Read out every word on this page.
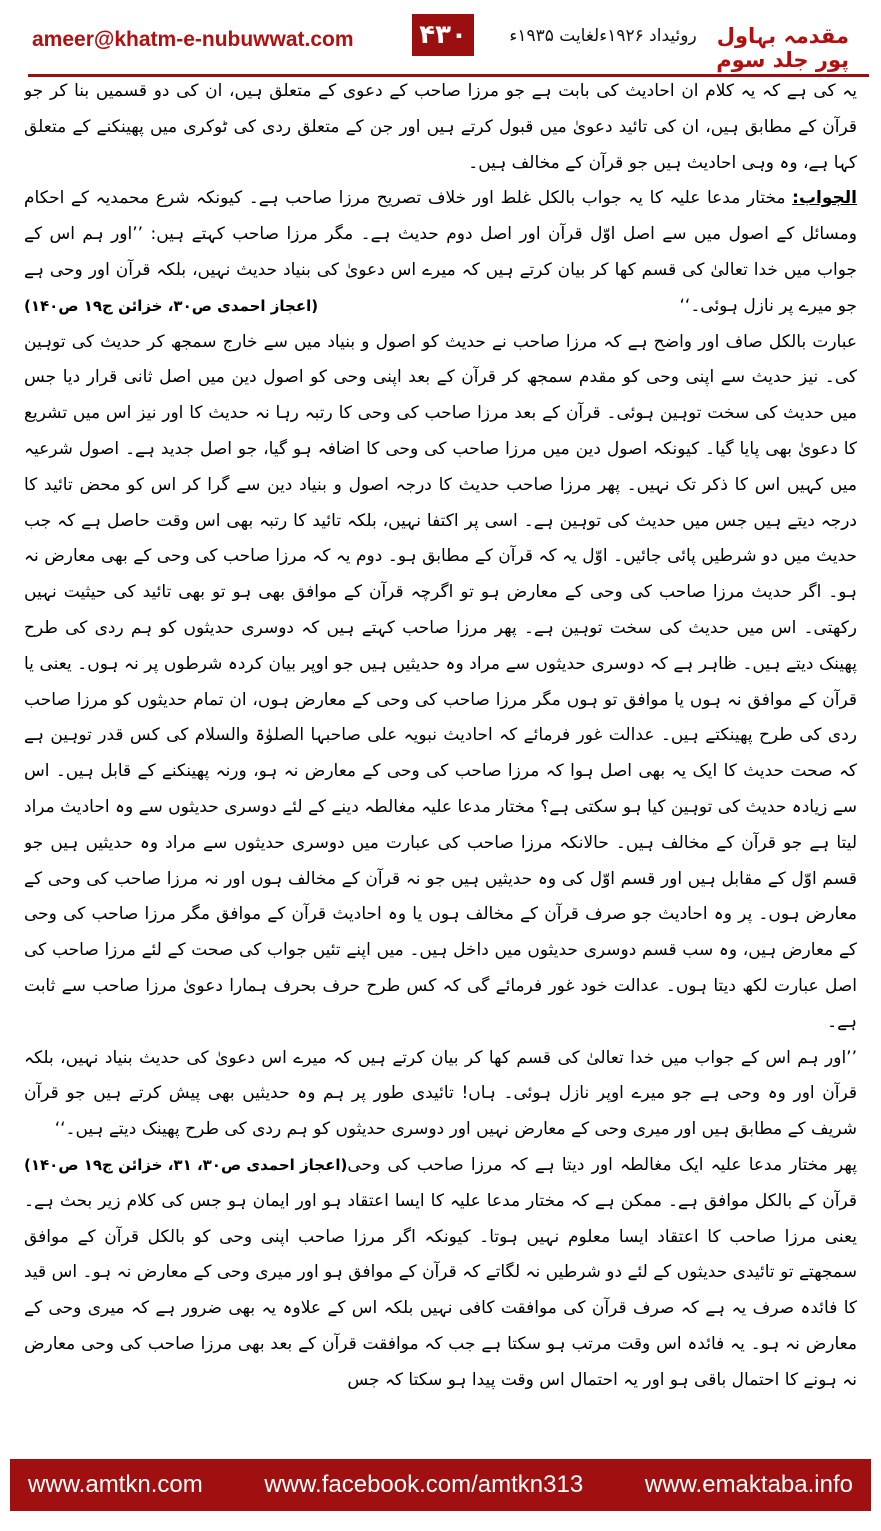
ameer@khatm-e-nubuwwat.com	۴۳۰	روئیداد ۱۹۲۶ءلغایت ۱۹۳۵ء مقدمہ بہاول پور جلد سوم

یہ کی ہے کہ یہ کلام ان احادیث کی بابت ہے جو مرزا صاحب کے دعوی کے متعلق ہیں، ان کی دو قسمیں بنا کر جو قرآن کے مطابق ہیں، ان کی تائید دعویٰ میں قبول کرتے ہیں اور جن کے متعلق ردی کی ٹوکری میں پھینکنے کے متعلق کہا ہے، وہ وہی احادیث ہیں جو قرآن کے مخالف ہیں۔

الجواب: مختار مدعا علیہ کا یہ جواب بالکل غلط اور خلاف تصریح مرزا صاحب ہے۔ کیونکہ شرع محمدیہ کے احکام ومسائل کے اصول میں سے اصل اوّل قرآن اور اصل دوم حدیث ہے۔ مگر مرزا صاحب کہتے ہیں: ’’اور ہم اس کے جواب میں خدا تعالیٰ کی قسم کھا کر بیان کرتے ہیں کہ میرے اس دعویٰ کی بنیاد حدیث نہیں، بلکہ قرآن اور وحی ہے جو میرے پر نازل ہوئی۔‘‘
(اعجاز احمدی ص۳۰، خزائن ج۱۹ ص۱۴۰)

عبارت بالکل صاف اور واضح ہے کہ مرزا صاحب نے حدیث کو اصول و بنیاد میں سے خارج سمجھ کر حدیث کی توہین کی۔ نیز حدیث سے اپنی وحی کو مقدم سمجھ کر قرآن کے بعد اپنی وحی کو اصول دین میں اصل ثانی قرار دیا جس میں حدیث کی سخت توہین ہوئی۔ قرآن کے بعد مرزا صاحب کی وحی کا رتبہ رہا نہ حدیث کا اور نیز اس میں تشریع کا دعویٰ بھی پایا گیا۔ کیونکہ اصول دین میں مرزا صاحب کی وحی کا اضافہ ہو گیا، جو اصل جدید ہے۔ اصول شرعیہ میں کہیں اس کا ذکر تک نہیں۔ پھر مرزا صاحب حدیث کا درجہ اصول و بنیاد دین سے گرا کر اس کو محض تائید کا درجہ دیتے ہیں جس میں حدیث کی توہین ہے۔ اسی پر اکتفا نہیں، بلکہ تائید کا رتبہ بھی اس وقت حاصل ہے کہ جب حدیث میں دو شرطیں پائی جائیں۔ اوّل یہ کہ قرآن کے مطابق ہو۔ دوم یہ کہ مرزا صاحب کی وحی کے بھی معارض نہ ہو۔ اگر حدیث مرزا صاحب کی وحی کے معارض ہو تو اگرچہ قرآن کے موافق بھی ہو تو بھی تائید کی حیثیت نہیں رکھتی۔ اس میں حدیث کی سخت توہین ہے۔ پھر مرزا صاحب کہتے ہیں کہ دوسری حدیثوں کو ہم ردی کی طرح پھینک دیتے ہیں۔ ظاہر ہے کہ دوسری حدیثوں سے مراد وہ حدیثیں ہیں جو اوپر بیان کردہ شرطوں پر نہ ہوں۔ یعنی یا قرآن کے موافق نہ ہوں یا موافق تو ہوں مگر مرزا صاحب کی وحی کے معارض ہوں، ان تمام حدیثوں کو مرزا صاحب ردی کی طرح پھینکتے ہیں۔ عدالت غور فرمائے کہ احادیث نبویہ علی صاحبہا الصلوٰۃ والسلام کی کس قدر توہین ہے کہ صحت حدیث کا ایک یہ بھی اصل ہوا کہ مرزا صاحب کی وحی کے معارض نہ ہو، ورنہ پھینکنے کے قابل ہیں۔ اس سے زیادہ حدیث کی توہین کیا ہو سکتی ہے؟ مختار مدعا علیہ مغالطہ دینے کے لئے دوسری حدیثوں سے وہ احادیث مراد لیتا ہے جو قرآن کے مخالف ہیں۔ حالانکہ مرزا صاحب کی عبارت میں دوسری حدیثوں سے مراد وہ حدیثیں ہیں جو قسم اوّل کے مقابل ہیں اور قسم اوّل کی وہ حدیثیں ہیں جو نہ قرآن کے مخالف ہوں اور نہ مرزا صاحب کی وحی کے معارض ہوں۔ پر وہ احادیث جو صرف قرآن کے مخالف ہوں یا وہ احادیث قرآن کے موافق مگر مرزا صاحب کی وحی کے معارض ہیں، وہ سب قسم دوسری حدیثوں میں داخل ہیں۔ میں اپنے تئیں جواب کی صحت کے لئے مرزا صاحب کی اصل عبارت لکھ دیتا ہوں۔ عدالت خود غور فرمائے گی کہ کس طرح حرف بحرف ہمارا دعویٰ مرزا صاحب سے ثابت ہے۔

’’اور ہم اس کے جواب میں خدا تعالیٰ کی قسم کھا کر بیان کرتے ہیں کہ میرے اس دعویٰ کی حدیث بنیاد نہیں، بلکہ قرآن اور وہ وحی ہے جو میرے اوپر نازل ہوئی۔ ہاں! تائیدی طور پر ہم وہ حدیثیں بھی پیش کرتے ہیں جو قرآن شریف کے مطابق ہیں اور میری وحی کے معارض نہیں اور دوسری حدیثوں کو ہم ردی کی طرح پھینک دیتے ہیں۔‘‘
(اعجاز احمدی ص۳۰، ۳۱، خزائن ج۱۹ ص۱۴۰) پھر مختار مدعا علیہ ایک مغالطہ اور دیتا ہے کہ مرزا صاحب کی وحی قرآن کے بالکل موافق ہے۔ ممکن ہے کہ مختار مدعا علیہ کا ایسا اعتقاد ہو اور ایمان ہو جس کی کلام زیر بحث ہے۔ یعنی مرزا صاحب کا اعتقاد ایسا معلوم نہیں ہوتا۔ کیونکہ اگر مرزا صاحب اپنی وحی کو بالکل قرآن کے موافق سمجھتے تو تائیدی حدیثوں کے لئے دو شرطیں نہ لگاتے کہ قرآن کے موافق ہو اور میری وحی کے معارض نہ ہو۔ اس قید کا فائدہ صرف یہ ہے کہ صرف قرآن کی موافقت کافی نہیں بلکہ اس کے علاوہ یہ بھی ضرور ہے کہ میری وحی کے معارض نہ ہو۔ یہ فائدہ اس وقت مرتب ہو سکتا ہے جب کہ موافقت قرآن کے بعد بھی مرزا صاحب کی وحی معارض نہ ہونے کا احتمال باقی ہو اور یہ احتمال اس وقت پیدا ہو سکتا کہ جس

www.amtkn.com	www.facebook.com/amtkn313	www.emaktaba.info
